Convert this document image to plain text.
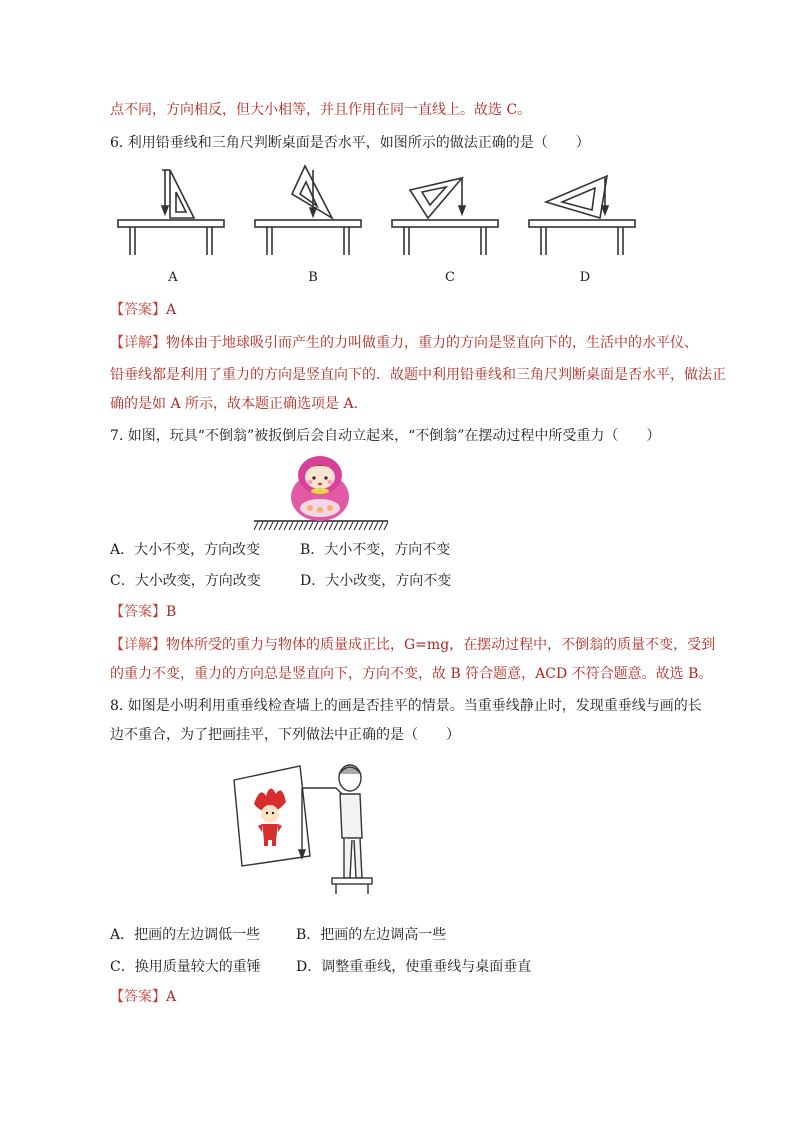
点不同，方向相反，但大小相等，并且作用在同一直线上。故选 C。
6. 利用铅垂线和三角尺判断桌面是否水平，如图所示的做法正确的是（　　）
A	B	C	D
【答案】A
【详解】物体由于地球吸引而产生的力叫做重力，重力的方向是竖直向下的，生活中的水平仪、
铅垂线都是利用了重力的方向是竖直向下的．故题中利用铅垂线和三角尺判断桌面是否水平，做法正
确的是如 A 所示，故本题正确选项是 A．
7. 如图，玩具“不倒翁”被扳倒后会自动立起来，“不倒翁”在摆动过程中所受重力（　　）
A．大小不变，方向改变	B．大小不变，方向不变
C．大小改变，方向改变	D．大小改变，方向不变
【答案】B
【详解】物体所受的重力与物体的质量成正比，G=mg，在摆动过程中，不倒翁的质量不变，受到
的重力不变，重力的方向总是竖直向下，方向不变，故 B 符合题意，ACD 不符合题意。故选 B。
8. 如图是小明利用重垂线检查墙上的画是否挂平的情景。当重垂线静止时，发现重垂线与画的长
边不重合，为了把画挂平，下列做法中正确的是（　　）
A．把画的左边调低一些	B．把画的左边调高一些
C．换用质量较大的重锤	D．调整重垂线，使重垂线与桌面垂直
【答案】A
